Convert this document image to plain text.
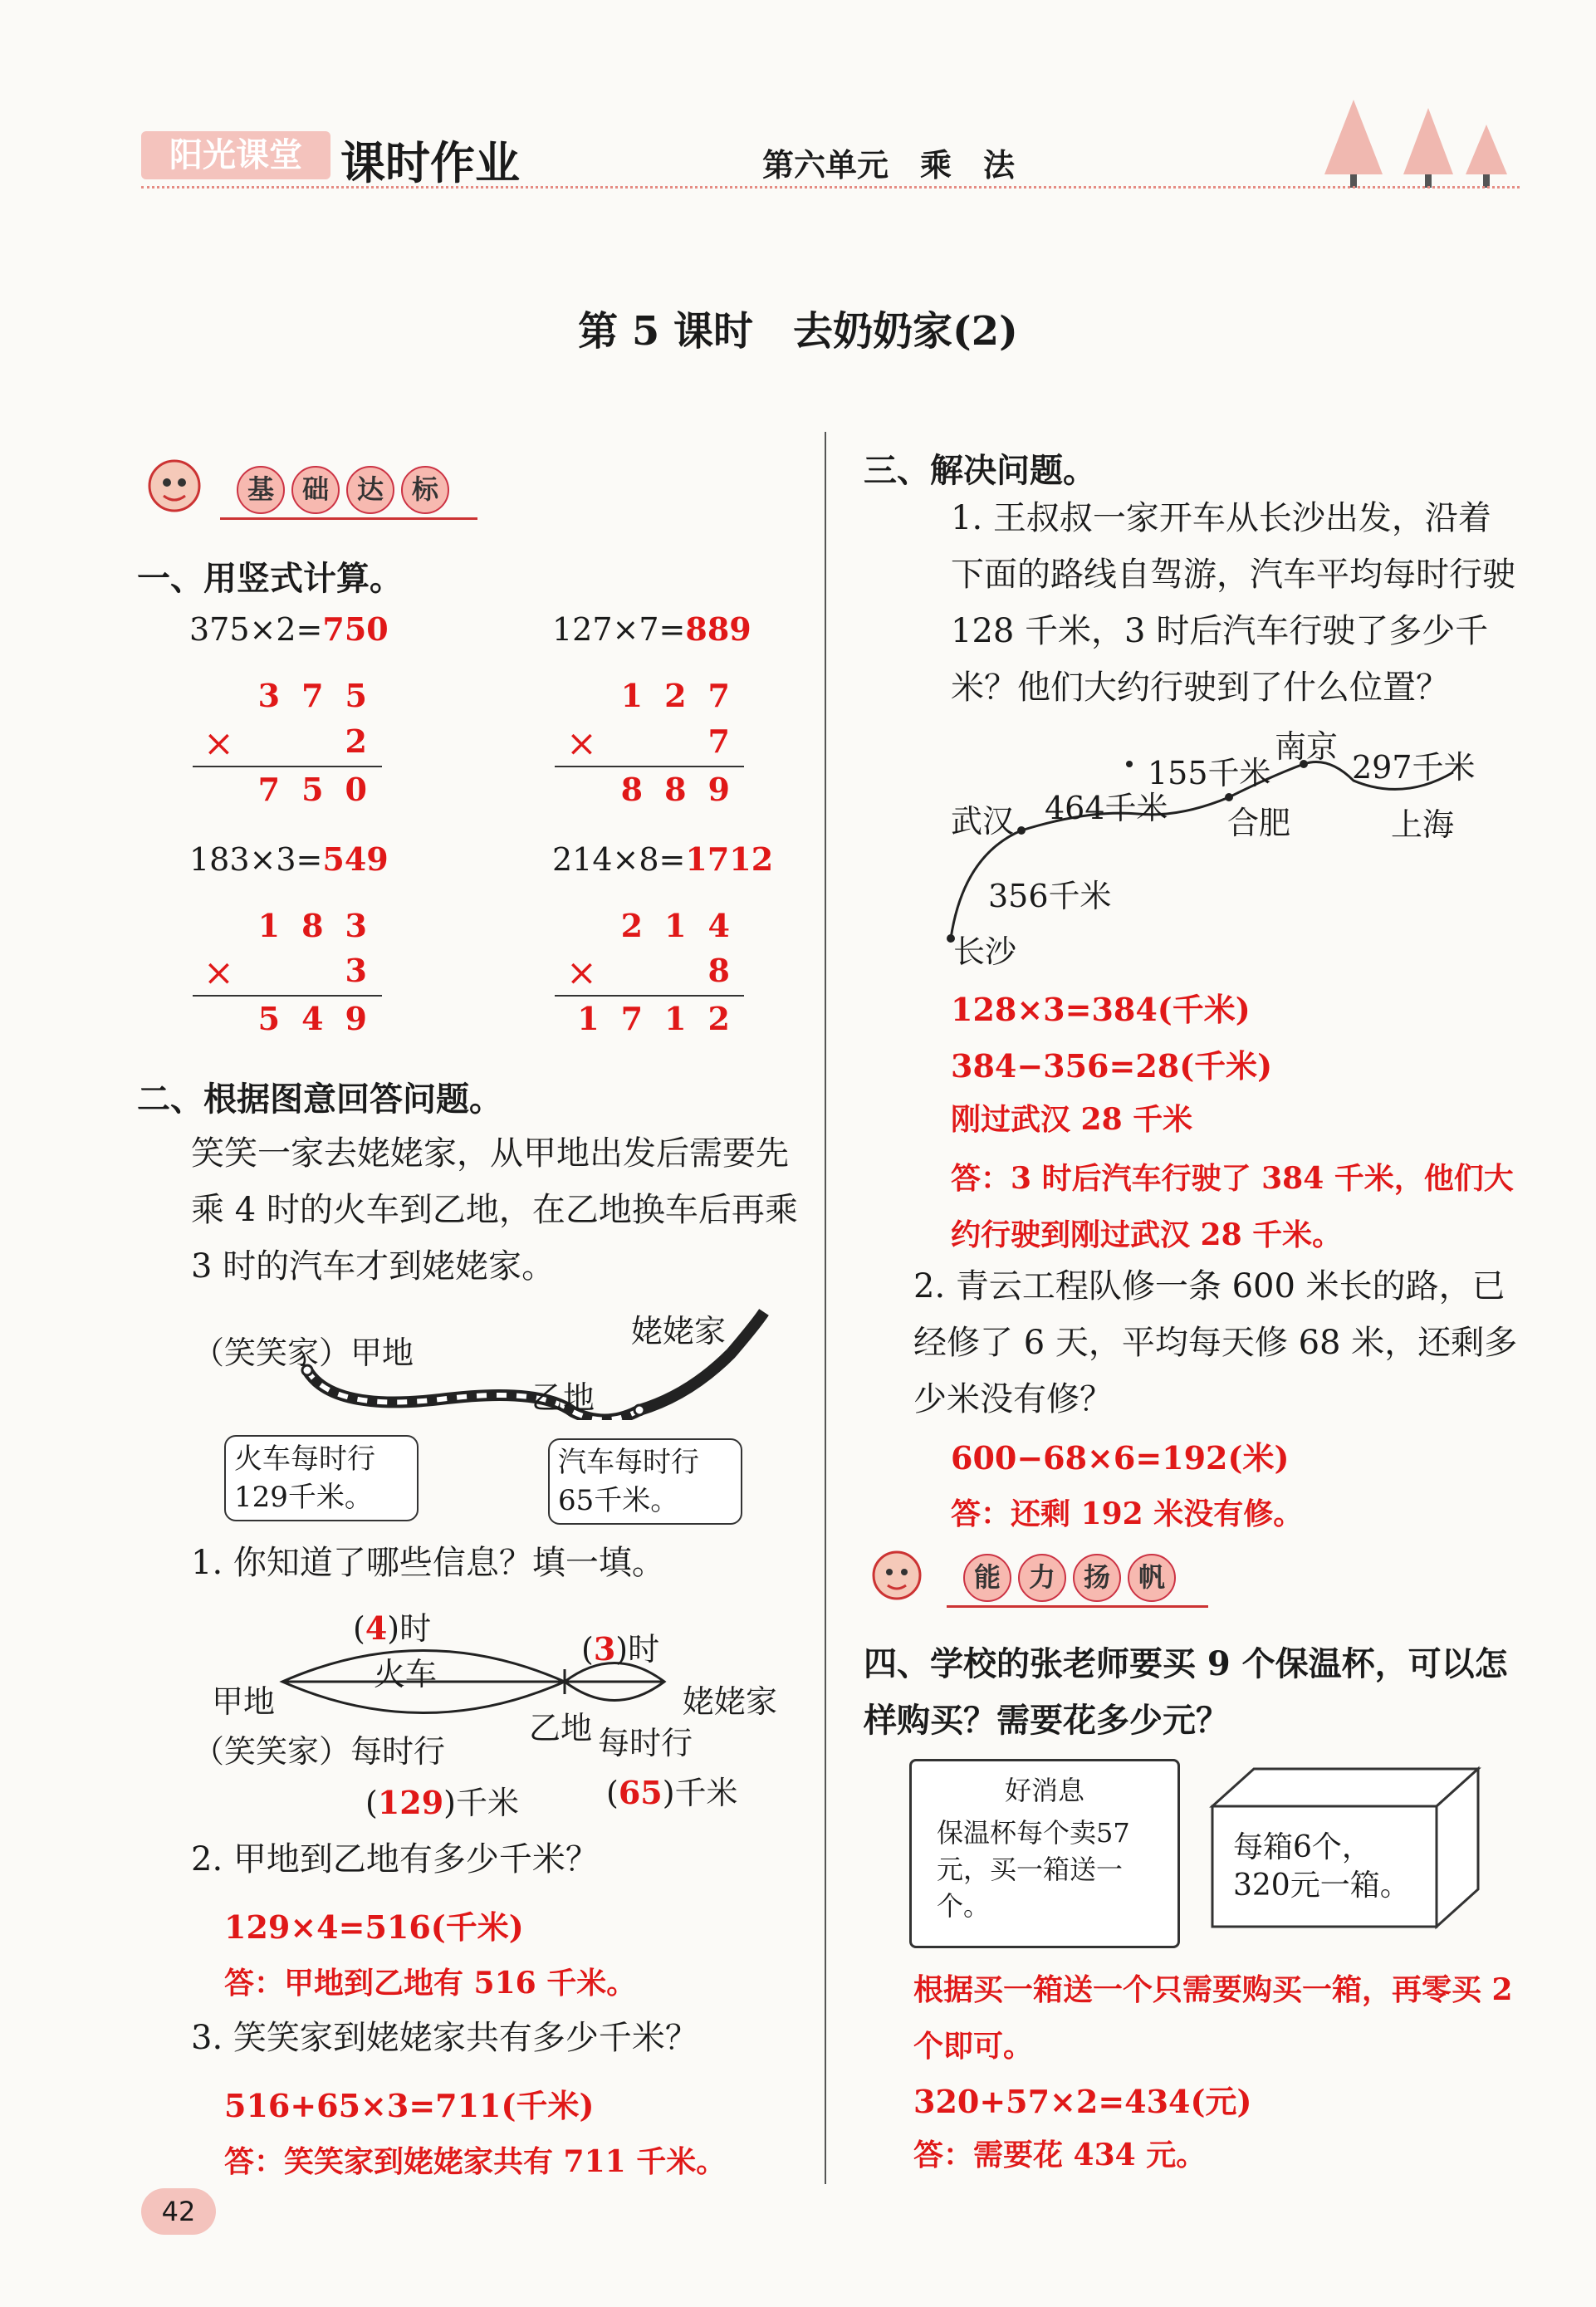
阳光课堂 课时作业	第六单元　乘　法
第 5 课时　去奶奶家(2)
基 础 达 标
一、用竖式计算。
375×2=750
375
×	2
750
127×7=889
127
×	7
889
183×3=549
183
×	3
549
214×8=1712
214
×	8
1712
二、根据图意回答问题。
笑笑一家去姥姥家，从甲地出发后需要先乘 4 时的火车到乙地，在乙地换车后再乘 3 时的汽车才到姥姥家。
（笑笑家）甲地
姥姥家
乙地
火车每时行129千米。
汽车每时行65千米。
1. 你知道了哪些信息？填一填。
(4)时
(3)时
火车
甲地
（笑笑家）每时行
乙地 每时行
姥姥家
(129)千米	(65)千米
2. 甲地到乙地有多少千米？
129×4=516(千米)
答：甲地到乙地有 516 千米。
3. 笑笑家到姥姥家共有多少千米？
516+65×3=711(千米)
答：笑笑家到姥姥家共有 711 千米。
42
三、解决问题。
1. 王叔叔一家开车从长沙出发，沿着下面的路线自驾游，汽车平均每时行驶128 千米，3 时后汽车行驶了多少千米？他们大约行驶到了什么位置？
长沙
武汉	合肥
南京
上海
356千米
464千米
155千米	297千米
128×3=384(千米)
384−356=28(千米)
刚过武汉 28 千米
答：3 时后汽车行驶了 384 千米，他们大约行驶到刚过武汉 28 千米。
2. 青云工程队修一条 600 米长的路，已经修了 6 天，平均每天修 68 米，还剩多少米没有修？
600−68×6=192(米)
答：还剩 192 米没有修。
能 力 扬 帆
四、学校的张老师要买 9 个保温杯，可以怎样购买？需要花多少元？
好消息
保温杯每个卖57元，买一箱送一个。
每箱6个，320元一箱。
根据买一箱送一个只需要购买一箱，再零买 2 个即可。
320+57×2=434(元)
答：需要花 434 元。
